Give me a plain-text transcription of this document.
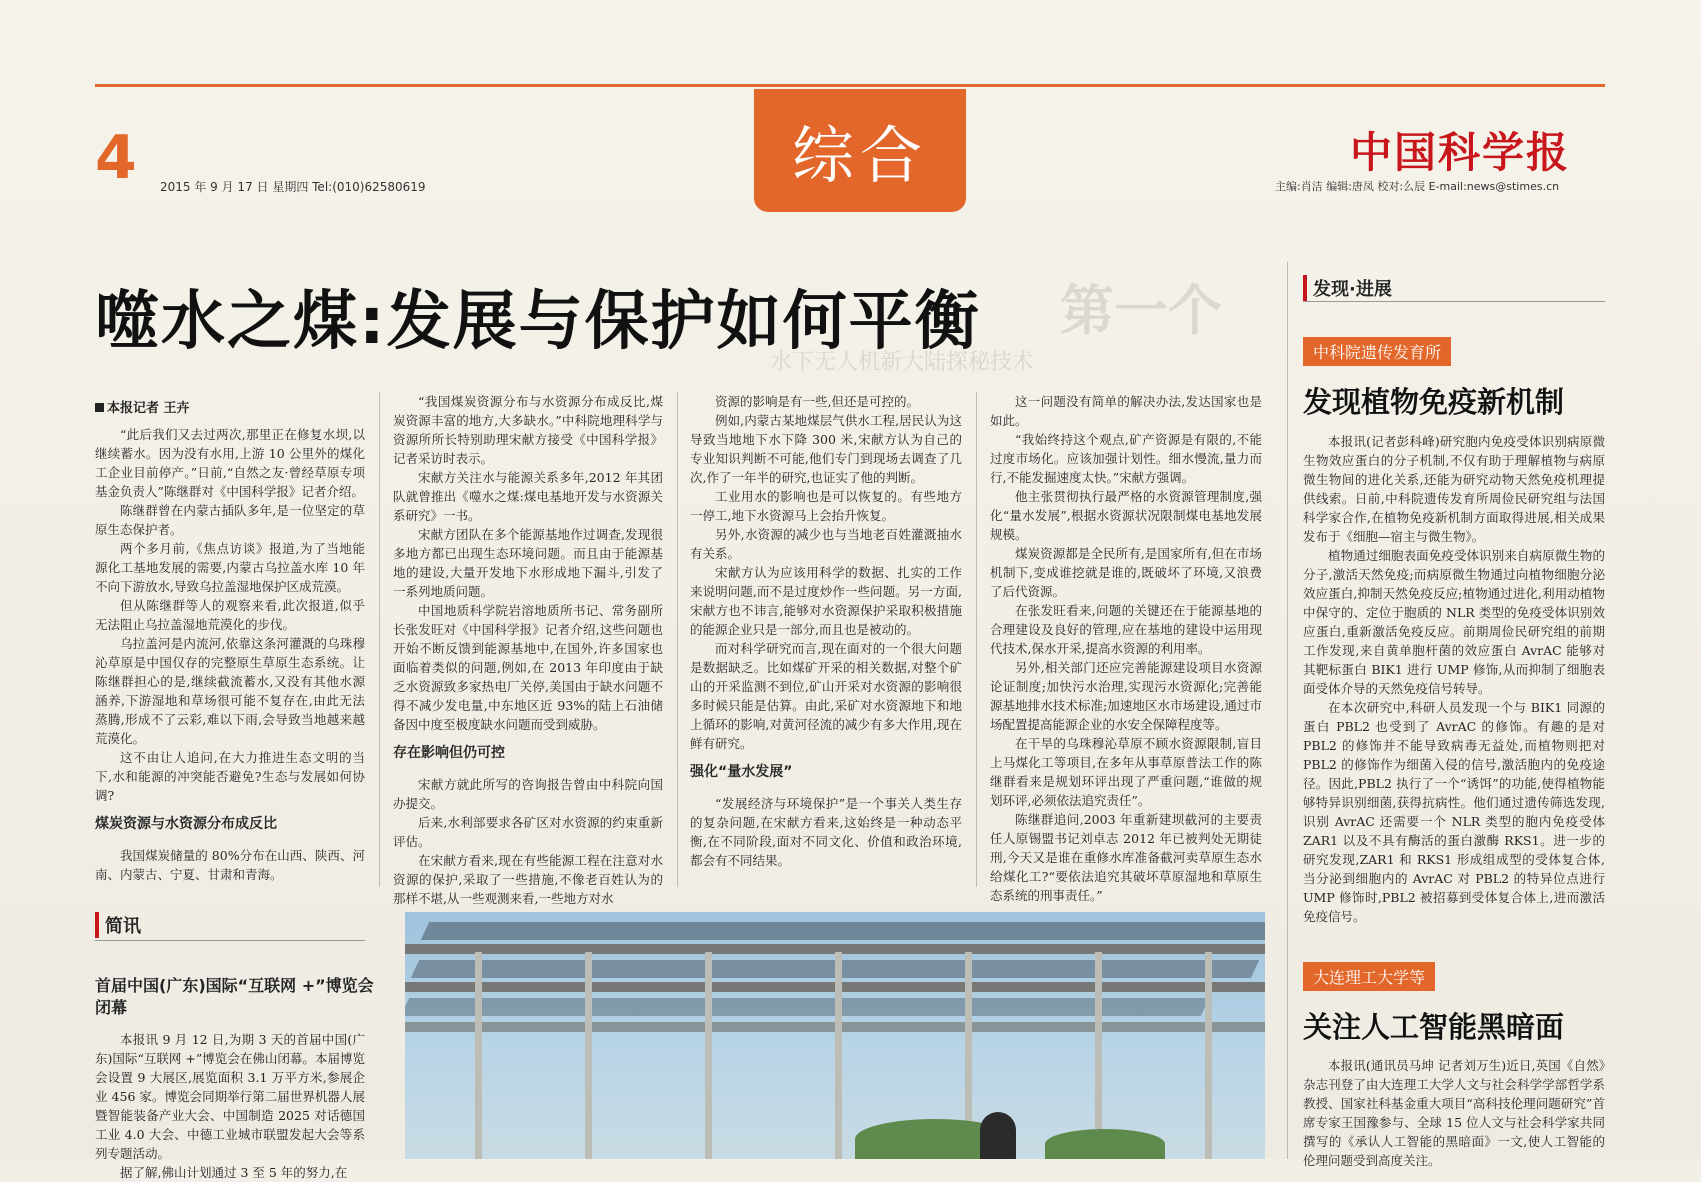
4 2015 年 9 月 17 日 星期四 Tel:(010)62580619	综合	中国科学报
主编:肖洁 编辑:唐凤 校对:么辰 E-mail:news@stimes.cn
第一个
水下无人机新大陆探秘技术
噬水之煤:发展与保护如何平衡
本报记者 王卉

“此后我们又去过两次,那里正在修复水坝,以继续蓄水。因为没有水用,上游 10 公里外的煤化工企业目前停产。”日前,“自然之友·曾经草原专项基金负责人”陈继群对《中国科学报》记者介绍。

陈继群曾在内蒙古插队多年,是一位坚定的草原生态保护者。

两个多月前,《焦点访谈》报道,为了当地能源化工基地发展的需要,内蒙古乌拉盖水库 10 年不向下游放水,导致乌拉盖湿地保护区成荒漠。

但从陈继群等人的观察来看,此次报道,似乎无法阻止乌拉盖湿地荒漠化的步伐。

乌拉盖河是内流河,依靠这条河灌溉的乌珠穆沁草原是中国仅存的完整原生草原生态系统。让陈继群担心的是,继续截流蓄水,又没有其他水源涵养,下游湿地和草场很可能不复存在,由此无法蒸腾,形成不了云彩,难以下雨,会导致当地越来越荒漠化。

这不由让人追问,在大力推进生态文明的当下,水和能源的冲突能否避免?生态与发展如何协调?

煤炭资源与水资源分布成反比

我国煤炭储量的 80%分布在山西、陕西、河南、内蒙古、宁夏、甘肃和青海。

“我国煤炭资源分布与水资源分布成反比,煤炭资源丰富的地方,大多缺水。”中科院地理科学与资源所所长特别助理宋献方接受《中国科学报》记者采访时表示。

宋献方关注水与能源关系多年,2012 年其团队就曾推出《噬水之煤:煤电基地开发与水资源关系研究》一书。

宋献方团队在多个能源基地作过调查,发现很多地方都已出现生态环境问题。而且由于能源基地的建设,大量开发地下水形成地下漏斗,引发了一系列地质问题。

中国地质科学院岩溶地质所书记、常务副所长张发旺对《中国科学报》记者介绍,这些问题也开始不断反馈到能源基地中,在国外,许多国家也面临着类似的问题,例如,在 2013 年印度由于缺乏水资源致多家热电厂关停,美国由于缺水问题不得不减少发电量,中东地区近 93%的陆上石油储备因中度至极度缺水问题而受到威胁。

存在影响但仍可控

宋献方就此所写的咨询报告曾由中科院向国办提交。

后来,水利部要求各矿区对水资源的约束重新评估。

在宋献方看来,现在有些能源工程在注意对水资源的保护,采取了一些措施,不像老百姓认为的那样不堪,从一些观测来看,一些地方对水

资源的影响是有一些,但还是可控的。

例如,内蒙古某地煤层气供水工程,居民认为这导致当地地下水下降 300 米,宋献方认为自己的专业知识判断不可能,他们专门到现场去调查了几次,作了一年半的研究,也证实了他的判断。

工业用水的影响也是可以恢复的。有些地方一停工,地下水资源马上会抬升恢复。

另外,水资源的减少也与当地老百姓灌溉抽水有关系。

宋献方认为应该用科学的数据、扎实的工作来说明问题,而不是过度炒作一些问题。另一方面,宋献方也不讳言,能够对水资源保护采取积极措施的能源企业只是一部分,而且也是被动的。

而对科学研究而言,现在面对的一个很大问题是数据缺乏。比如煤矿开采的相关数据,对整个矿山的开采监测不到位,矿山开采对水资源的影响很多时候只能是估算。由此,采矿对水资源地下和地上循环的影响,对黄河径流的减少有多大作用,现在鲜有研究。

强化“量水发展”

“发展经济与环境保护”是一个事关人类生存的复杂问题,在宋献方看来,这始终是一种动态平衡,在不同阶段,面对不同文化、价值和政治环境,都会有不同结果。

这一问题没有简单的解决办法,发达国家也是如此。

“我始终持这个观点,矿产资源是有限的,不能过度市场化。应该加强计划性。细水慢流,量力而行,不能发掘速度太快。”宋献方强调。

他主张贯彻执行最严格的水资源管理制度,强化“量水发展”,根据水资源状况限制煤电基地发展规模。

煤炭资源都是全民所有,是国家所有,但在市场机制下,变成谁挖就是谁的,既破坏了环境,又浪费了后代资源。

在张发旺看来,问题的关键还在于能源基地的合理建设及良好的管理,应在基地的建设中运用现代技术,保水开采,提高水资源的利用率。

另外,相关部门还应完善能源建设项目水资源论证制度;加快污水治理,实现污水资源化;完善能源基地排水技术标准;加速地区水市场建设,通过市场配置提高能源企业的水安全保障程度等。

在干旱的乌珠穆沁草原不顾水资源限制,盲目上马煤化工等项目,在多年从事草原普法工作的陈继群看来是规划环评出现了严重问题,“谁做的规划环评,必须依法追究责任”。

陈继群追问,2003 年重新建坝截河的主要责任人原锡盟书记刘卓志 2012 年已被判处无期徒刑,今天又是谁在重修水库准备截河卖草原生态水给煤化工?“要依法追究其破坏草原湿地和草原生态系统的刑事责任。”

发现·进展
中科院遗传发育所
发现植物免疫新机制

本报讯(记者彭科峰)研究胞内免疫受体识别病原微生物效应蛋白的分子机制,不仅有助于理解植物与病原微生物间的进化关系,还能为研究动物天然免疫机理提供线索。日前,中科院遗传发育所周俭民研究组与法国科学家合作,在植物免疫新机制方面取得进展,相关成果发布于《细胞—宿主与微生物》。

植物通过细胞表面免疫受体识别来自病原微生物的分子,激活天然免疫;而病原微生物通过向植物细胞分泌效应蛋白,抑制天然免疫反应;植物通过进化,利用动植物中保守的、定位于胞质的 NLR 类型的免疫受体识别效应蛋白,重新激活免疫反应。前期周俭民研究组的前期工作发现,来自黄单胞杆菌的效应蛋白 AvrAC 能够对其靶标蛋白 BIK1 进行 UMP 修饰,从而抑制了细胞表面受体介导的天然免疫信号转导。

在本次研究中,科研人员发现一个与 BIK1 同源的蛋白 PBL2 也受到了 AvrAC 的修饰。有趣的是对 PBL2 的修饰并不能导致病毒无益处,而植物则把对 PBL2 的修饰作为细菌入侵的信号,激活胞内的免疫途径。因此,PBL2 执行了一个“诱饵”的功能,使得植物能够特异识别细菌,获得抗病性。他们通过遗传筛选发现,识别 AvrAC 还需要一个 NLR 类型的胞内免疫受体 ZAR1 以及不具有酶活的蛋白激酶 RKS1。进一步的研究发现,ZAR1 和 RKS1 形成组成型的受体复合体,当分泌到细胞内的 AvrAC 对 PBL2 的特异位点进行 UMP 修饰时,PBL2 被招募到受体复合体上,进而激活免疫信号。

大连理工大学等
关注人工智能黑暗面

本报讯(通讯员马坤 记者刘万生)近日,英国《自然》杂志刊登了由大连理工大学人文与社会科学学部哲学系教授、国家社科基金重大项目“高科技伦理问题研究”首席专家王国豫参与、全球 15 位人文与社会科学家共同撰写的《承认人工智能的黑暗面》一文,使人工智能的伦理问题受到高度关注。

简讯
首届中国(广东)国际“互联网 +”博览会闭幕

本报讯 9 月 12 日,为期 3 天的首届中国(广东)国际“互联网 +”博览会在佛山闭幕。本届博览会设置 9 大展区,展览面积 3.1 万平方米,参展企业 456 家。博览会同期举行第二届世界机器人展暨智能装备产业大会、中国制造 2025 对话德国工业 4.0 大会、中德工业城市联盟发起大会等系列专题活动。

据了解,佛山计划通过 3 至 5 年的努力,在
